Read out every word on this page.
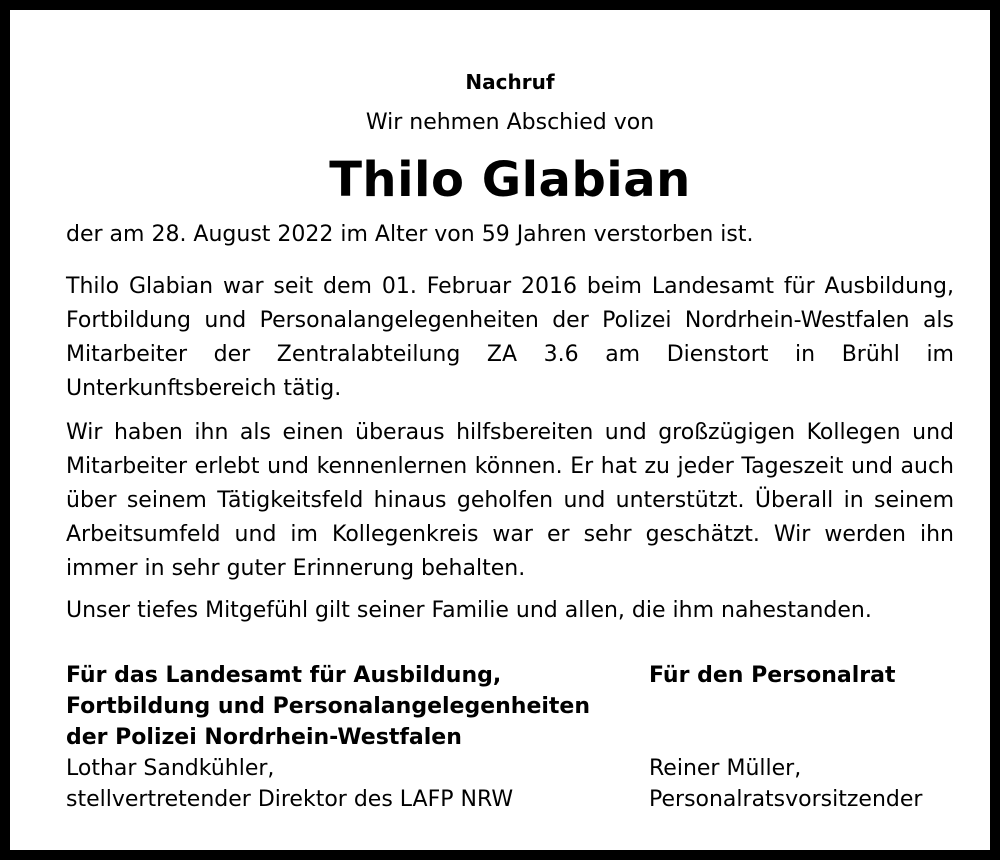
Nachruf

Wir nehmen Abschied von

Thilo Glabian

der am 28. August 2022 im Alter von 59 Jahren verstorben ist.

Thilo Glabian war seit dem 01. Februar 2016 beim Landesamt für Ausbildung, Fortbildung und Personalangelegenheiten der Polizei Nordrhein-Westfalen als Mitarbeiter der Zentralabteilung ZA 3.6 am Dienstort in Brühl im Unterkunftsbereich tätig.

Wir haben ihn als einen überaus hilfsbereiten und großzügigen Kollegen und Mitarbeiter erlebt und kennenlernen können. Er hat zu jeder Tageszeit und auch über seinem Tätigkeitsfeld hinaus geholfen und unterstützt. Überall in seinem Arbeitsumfeld und im Kollegenkreis war er sehr geschätzt. Wir werden ihn immer in sehr guter Erinnerung behalten.

Unser tiefes Mitgefühl gilt seiner Familie und allen, die ihm nahestanden.

Für das Landesamt für Ausbildung,
Fortbildung und Personalangelegenheiten
der Polizei Nordrhein-Westfalen
Lothar Sandkühler,
stellvertretender Direktor des LAFP NRW
Für den Personalrat
Reiner Müller,
Personalratsvorsitzender
